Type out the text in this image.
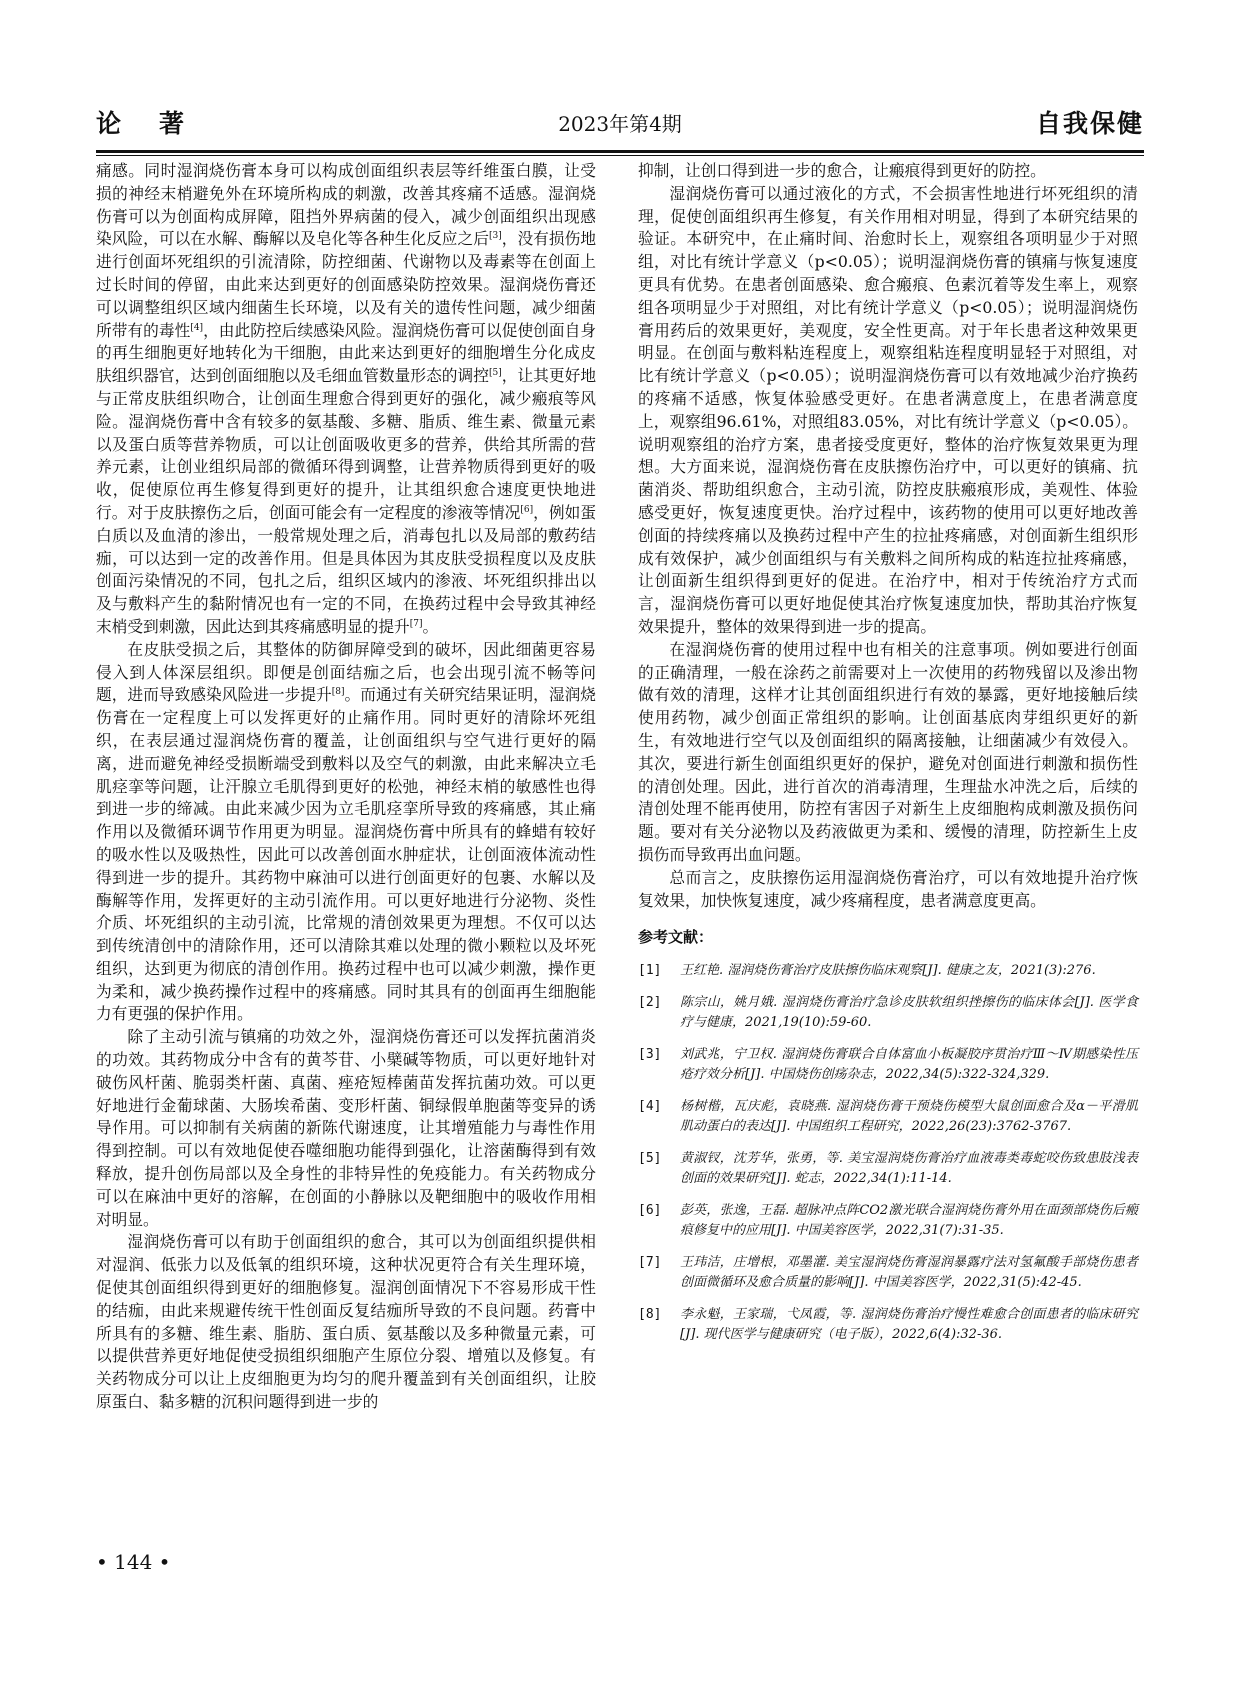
论著	2023年第4期	自我保健

痛感。同时湿润烧伤膏本身可以构成创面组织表层等纤维蛋白膜，让受损的神经末梢避免外在环境所构成的刺激，改善其疼痛不适感。湿润烧伤膏可以为创面构成屏障，阻挡外界病菌的侵入，减少创面组织出现感染风险，可以在水解、酶解以及皂化等各种生化反应之后[3]，没有损伤地进行创面坏死组织的引流清除，防控细菌、代谢物以及毒素等在创面上过长时间的停留，由此来达到更好的创面感染防控效果。湿润烧伤膏还可以调整组织区域内细菌生长环境，以及有关的遗传性问题，减少细菌所带有的毒性[4]，由此防控后续感染风险。湿润烧伤膏可以促使创面自身的再生细胞更好地转化为干细胞，由此来达到更好的细胞增生分化成皮肤组织器官，达到创面细胞以及毛细血管数量形态的调控[5]，让其更好地与正常皮肤组织吻合，让创面生理愈合得到更好的强化，减少瘢痕等风险。湿润烧伤膏中含有较多的氨基酸、多糖、脂质、维生素、微量元素以及蛋白质等营养物质，可以让创面吸收更多的营养，供给其所需的营养元素，让创业组织局部的微循环得到调整，让营养物质得到更好的吸收，促使原位再生修复得到更好的提升，让其组织愈合速度更快地进行。对于皮肤擦伤之后，创面可能会有一定程度的渗液等情况[6]，例如蛋白质以及血清的渗出，一般常规处理之后，消毒包扎以及局部的敷药结痂，可以达到一定的改善作用。但是具体因为其皮肤受损程度以及皮肤创面污染情况的不同，包扎之后，组织区域内的渗液、坏死组织排出以及与敷料产生的黏附情况也有一定的不同，在换药过程中会导致其神经末梢受到刺激，因此达到其疼痛感明显的提升[7]。

在皮肤受损之后，其整体的防御屏障受到的破坏，因此细菌更容易侵入到人体深层组织。即便是创面结痂之后，也会出现引流不畅等问题，进而导致感染风险进一步提升[8]。而通过有关研究结果证明，湿润烧伤膏在一定程度上可以发挥更好的止痛作用。同时更好的清除坏死组织，在表层通过湿润烧伤膏的覆盖，让创面组织与空气进行更好的隔离，进而避免神经受损断端受到敷料以及空气的刺激，由此来解决立毛肌痉挛等问题，让汗腺立毛肌得到更好的松弛，神经末梢的敏感性也得到进一步的缔减。由此来减少因为立毛肌痉挛所导致的疼痛感，其止痛作用以及微循环调节作用更为明显。湿润烧伤膏中所具有的蜂蜡有较好的吸水性以及吸热性，因此可以改善创面水肿症状，让创面液体流动性得到进一步的提升。其药物中麻油可以进行创面更好的包裹、水解以及酶解等作用，发挥更好的主动引流作用。可以更好地进行分泌物、炎性介质、坏死组织的主动引流，比常规的清创效果更为理想。不仅可以达到传统清创中的清除作用，还可以清除其难以处理的微小颗粒以及坏死组织，达到更为彻底的清创作用。换药过程中也可以减少刺激，操作更为柔和，减少换药操作过程中的疼痛感。同时其具有的创面再生细胞能力有更强的保护作用。

除了主动引流与镇痛的功效之外，湿润烧伤膏还可以发挥抗菌消炎的功效。其药物成分中含有的黄芩苷、小檗碱等物质，可以更好地针对破伤风杆菌、脆弱类杆菌、真菌、痤疮短棒菌苗发挥抗菌功效。可以更好地进行金葡球菌、大肠埃希菌、变形杆菌、铜绿假单胞菌等变异的诱导作用。可以抑制有关病菌的新陈代谢速度，让其增殖能力与毒性作用得到控制。可以有效地促使吞噬细胞功能得到强化，让溶菌酶得到有效释放，提升创伤局部以及全身性的非特异性的免疫能力。有关药物成分可以在麻油中更好的溶解，在创面的小静脉以及靶细胞中的吸收作用相对明显。

湿润烧伤膏可以有助于创面组织的愈合，其可以为创面组织提供相对湿润、低张力以及低氧的组织环境，这种状况更符合有关生理环境，促使其创面组织得到更好的细胞修复。湿润创面情况下不容易形成干性的结痂，由此来规避传统干性创面反复结痂所导致的不良问题。药膏中所具有的多糖、维生素、脂肪、蛋白质、氨基酸以及多种微量元素，可以提供营养更好地促使受损组织细胞产生原位分裂、增殖以及修复。有关药物成分可以让上皮细胞更为均匀的爬升覆盖到有关创面组织，让胶原蛋白、黏多糖的沉积问题得到进一步的

抑制，让创口得到进一步的愈合，让瘢痕得到更好的防控。

湿润烧伤膏可以通过液化的方式，不会损害性地进行坏死组织的清理，促使创面组织再生修复，有关作用相对明显，得到了本研究结果的验证。本研究中，在止痛时间、治愈时长上，观察组各项明显少于对照组，对比有统计学意义（p<0.05）；说明湿润烧伤膏的镇痛与恢复速度更具有优势。在患者创面感染、愈合瘢痕、色素沉着等发生率上，观察组各项明显少于对照组，对比有统计学意义（p<0.05）；说明湿润烧伤膏用药后的效果更好，美观度，安全性更高。对于年长患者这种效果更明显。在创面与敷料粘连程度上，观察组粘连程度明显轻于对照组，对比有统计学意义（p<0.05）；说明湿润烧伤膏可以有效地减少治疗换药的疼痛不适感，恢复体验感受更好。在患者满意度上，在患者满意度上，观察组96.61%，对照组83.05%，对比有统计学意义（p<0.05）。说明观察组的治疗方案，患者接受度更好，整体的治疗恢复效果更为理想。大方面来说，湿润烧伤膏在皮肤擦伤治疗中，可以更好的镇痛、抗菌消炎、帮助组织愈合，主动引流，防控皮肤瘢痕形成，美观性、体验感受更好，恢复速度更快。治疗过程中，该药物的使用可以更好地改善创面的持续疼痛以及换药过程中产生的拉扯疼痛感，对创面新生组织形成有效保护，减少创面组织与有关敷料之间所构成的粘连拉扯疼痛感，让创面新生组织得到更好的促进。在治疗中，相对于传统治疗方式而言，湿润烧伤膏可以更好地促使其治疗恢复速度加快，帮助其治疗恢复效果提升，整体的效果得到进一步的提高。

在湿润烧伤膏的使用过程中也有相关的注意事项。例如要进行创面的正确清理，一般在涂药之前需要对上一次使用的药物残留以及渗出物做有效的清理，这样才让其创面组织进行有效的暴露，更好地接触后续使用药物，减少创面正常组织的影响。让创面基底肉芽组织更好的新生，有效地进行空气以及创面组织的隔离接触，让细菌减少有效侵入。其次，要进行新生创面组织更好的保护，避免对创面进行刺激和损伤性的清创处理。因此，进行首次的消毒清理，生理盐水冲洗之后，后续的清创处理不能再使用，防控有害因子对新生上皮细胞构成刺激及损伤问题。要对有关分泌物以及药液做更为柔和、缓慢的清理，防控新生上皮损伤而导致再出血问题。

总而言之，皮肤擦伤运用湿润烧伤膏治疗，可以有效地提升治疗恢复效果，加快恢复速度，减少疼痛程度，患者满意度更高。

参考文献：
[1]	王红艳. 湿润烧伤膏治疗皮肤擦伤临床观察[J]. 健康之友，2021(3):276.
[2]	陈宗山，姚月娥. 湿润烧伤膏治疗急诊皮肤软组织挫擦伤的临床体会[J]. 医学食疗与健康，2021,19(10):59-60.
[3]	刘武兆，宁卫权. 湿润烧伤膏联合自体富血小板凝胶序贯治疗Ⅲ～Ⅳ期感染性压疮疗效分析[J]. 中国烧伤创疡杂志，2022,34(5):322-324,329.
[4]	杨树楷，瓦庆彪，袁晓燕. 湿润烧伤膏干预烧伤模型大鼠创面愈合及α－平滑肌肌动蛋白的表达[J]. 中国组织工程研究，2022,26(23):3762-3767.
[5]	黄淑钗，沈芳华，张勇，等. 美宝湿润烧伤膏治疗血液毒类毒蛇咬伤致患肢浅表创面的效果研究[J]. 蛇志，2022,34(1):11-14.
[6]	彭英，张逸，王磊. 超脉冲点阵CO2激光联合湿润烧伤膏外用在面颈部烧伤后瘢痕修复中的应用[J]. 中国美容医学，2022,31(7):31-35.
[7]	王玮洁，庄增根，邓墨灌. 美宝湿润烧伤膏湿润暴露疗法对氢氟酸手部烧伤患者创面微循环及愈合质量的影响[J]. 中国美容医学，2022,31(5):42-45.
[8]	李永魁，王家瑞，弋凤霞，等. 湿润烧伤膏治疗慢性难愈合创面患者的临床研究[J]. 现代医学与健康研究（电子版），2022,6(4):32-36.
• 144 •
